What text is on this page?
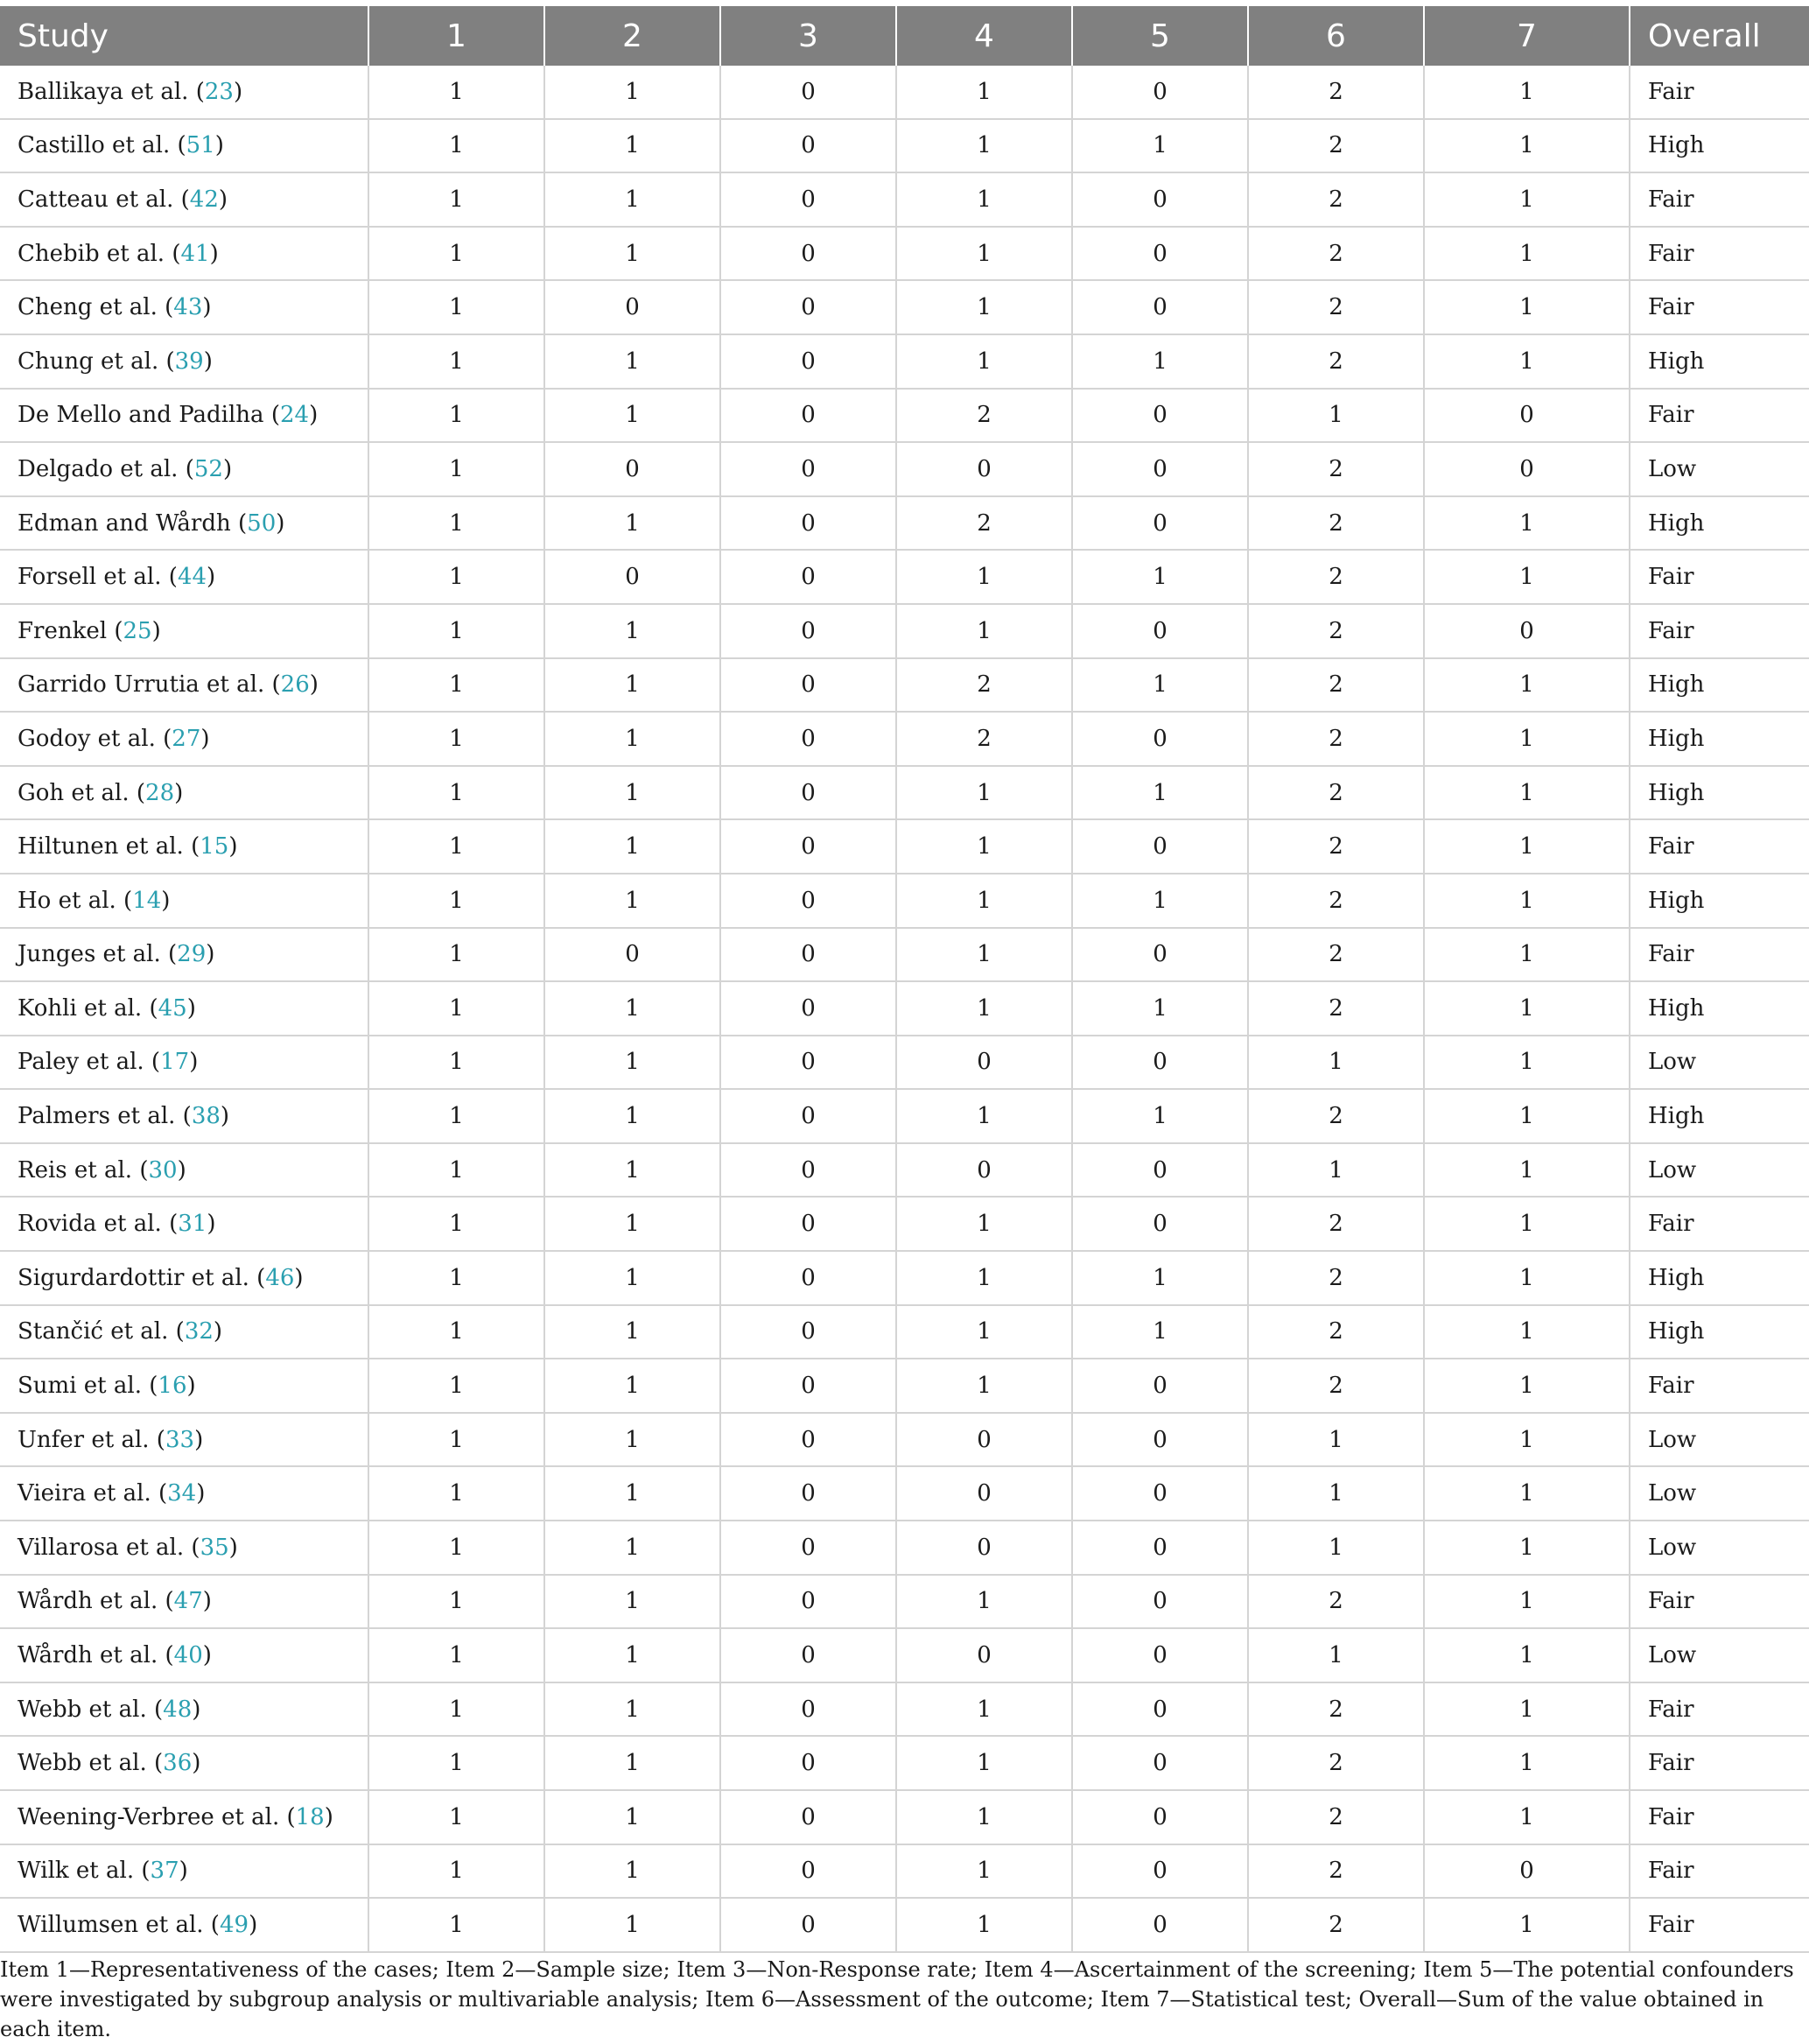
Study	1	2	3	4	5	6	7	Overall
Ballikaya et al. (23)	1	1	0	1	0	2	1	Fair
Castillo et al. (51)	1	1	0	1	1	2	1	High
Catteau et al. (42)	1	1	0	1	0	2	1	Fair
Chebib et al. (41)	1	1	0	1	0	2	1	Fair
Cheng et al. (43)	1	0	0	1	0	2	1	Fair
Chung et al. (39)	1	1	0	1	1	2	1	High
De Mello and Padilha (24)	1	1	0	2	0	1	0	Fair
Delgado et al. (52)	1	0	0	0	0	2	0	Low
Edman and Wårdh (50)	1	1	0	2	0	2	1	High
Forsell et al. (44)	1	0	0	1	1	2	1	Fair
Frenkel (25)	1	1	0	1	0	2	0	Fair
Garrido Urrutia et al. (26)	1	1	0	2	1	2	1	High
Godoy et al. (27)	1	1	0	2	0	2	1	High
Goh et al. (28)	1	1	0	1	1	2	1	High
Hiltunen et al. (15)	1	1	0	1	0	2	1	Fair
Ho et al. (14)	1	1	0	1	1	2	1	High
Junges et al. (29)	1	0	0	1	0	2	1	Fair
Kohli et al. (45)	1	1	0	1	1	2	1	High
Paley et al. (17)	1	1	0	0	0	1	1	Low
Palmers et al. (38)	1	1	0	1	1	2	1	High
Reis et al. (30)	1	1	0	0	0	1	1	Low
Rovida et al. (31)	1	1	0	1	0	2	1	Fair
Sigurdardottir et al. (46)	1	1	0	1	1	2	1	High
Stančić et al. (32)	1	1	0	1	1	2	1	High
Sumi et al. (16)	1	1	0	1	0	2	1	Fair
Unfer et al. (33)	1	1	0	0	0	1	1	Low
Vieira et al. (34)	1	1	0	0	0	1	1	Low
Villarosa et al. (35)	1	1	0	0	0	1	1	Low
Wårdh et al. (47)	1	1	0	1	0	2	1	Fair
Wårdh et al. (40)	1	1	0	0	0	1	1	Low
Webb et al. (48)	1	1	0	1	0	2	1	Fair
Webb et al. (36)	1	1	0	1	0	2	1	Fair
Weening-Verbree et al. (18)	1	1	0	1	0	2	1	Fair
Wilk et al. (37)	1	1	0	1	0	2	0	Fair
Willumsen et al. (49)	1	1	0	1	0	2	1	Fair

Item 1—Representativeness of the cases; Item 2—Sample size; Item 3—Non-Response rate; Item 4—Ascertainment of the screening; Item 5—The potential confounders were investigated by subgroup analysis or multivariable analysis; Item 6—Assessment of the outcome; Item 7—Statistical test; Overall—Sum of the value obtained in each item.
